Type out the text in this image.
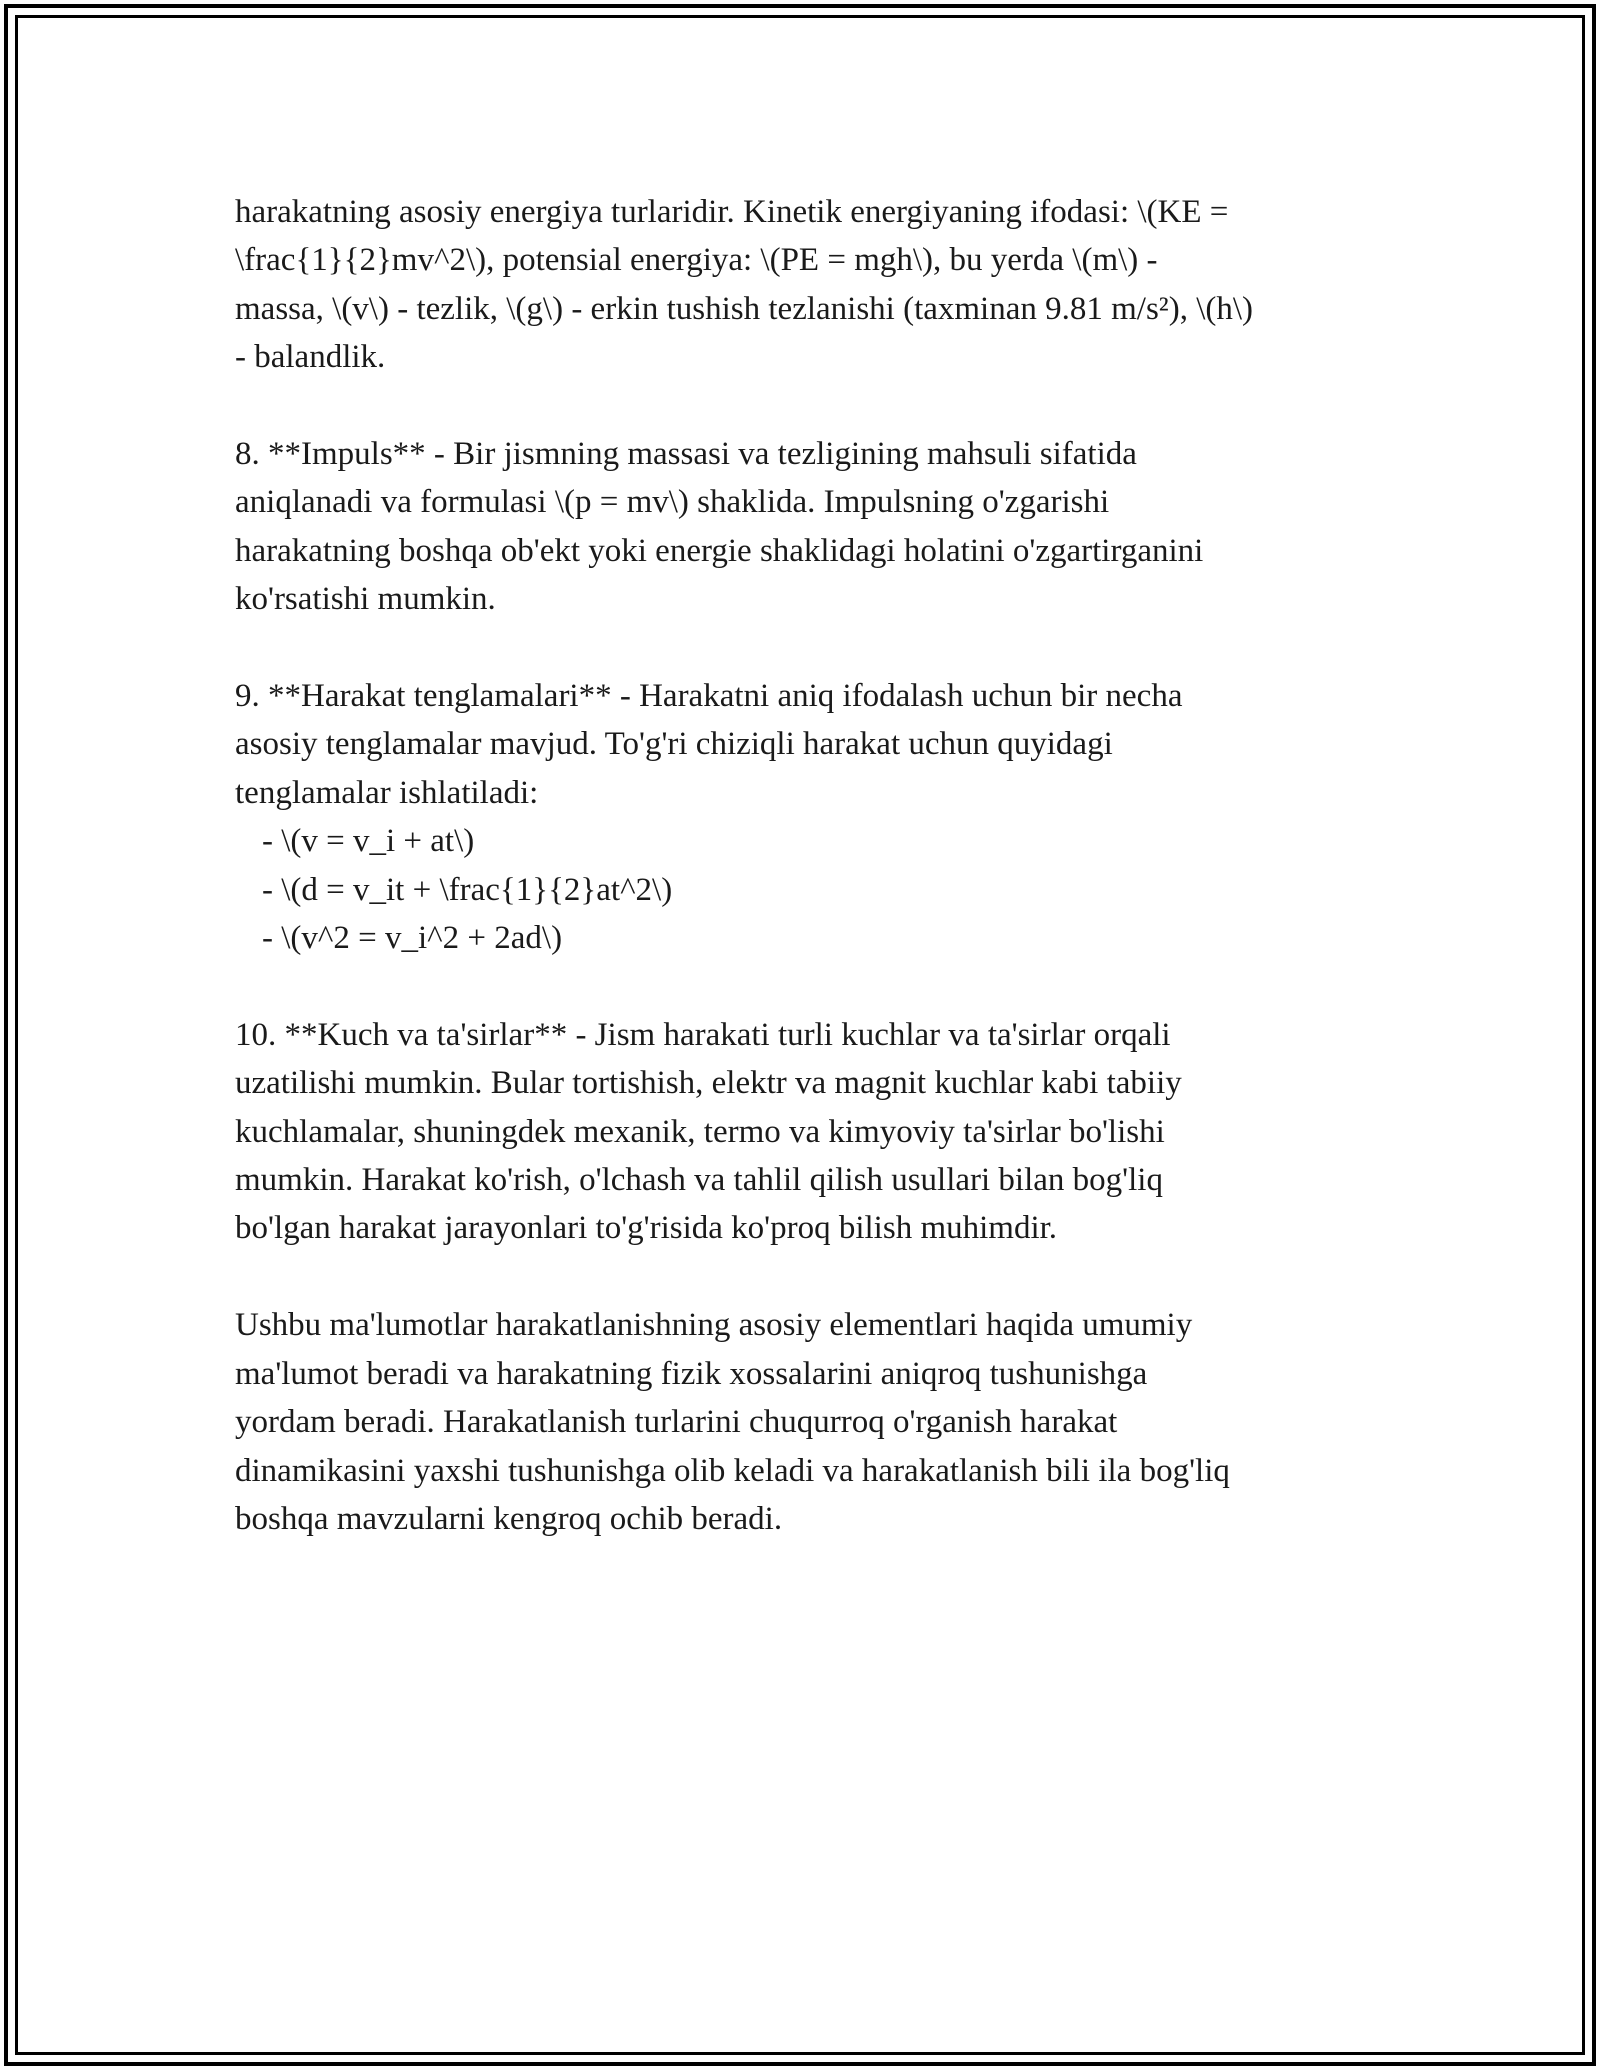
harakatning asosiy energiya turlaridir. Kinetik energiyaning ifodasi: \(KE =
\frac{1}{2}mv^2\), potensial energiya: \(PE = mgh\), bu yerda \(m\) -
massa, \(v\) - tezlik, \(g\) - erkin tushish tezlanishi (taxminan 9.81 m/s²), \(h\)
- balandlik.

8. **Impuls** - Bir jismning massasi va tezligining mahsuli sifatida
aniqlanadi va formulasi \(p = mv\) shaklida. Impulsning o'zgarishi
harakatning boshqa ob'ekt yoki energie shaklidagi holatini o'zgartirganini
ko'rsatishi mumkin.

9. **Harakat tenglamalari** - Harakatni aniq ifodalash uchun bir necha
asosiy tenglamalar mavjud. To'g'ri chiziqli harakat uchun quyidagi
tenglamalar ishlatiladi:
- \(v = v_i + at\)
- \(d = v_it + \frac{1}{2}at^2\)
- \(v^2 = v_i^2 + 2ad\)

10. **Kuch va ta'sirlar** - Jism harakati turli kuchlar va ta'sirlar orqali
uzatilishi mumkin. Bular tortishish, elektr va magnit kuchlar kabi tabiiy
kuchlamalar, shuningdek mexanik, termo va kimyoviy ta'sirlar bo'lishi
mumkin. Harakat ko'rish, o'lchash va tahlil qilish usullari bilan bog'liq
bo'lgan harakat jarayonlari to'g'risida ko'proq bilish muhimdir.

Ushbu ma'lumotlar harakatlanishning asosiy elementlari haqida umumiy
ma'lumot beradi va harakatning fizik xossalarini aniqroq tushunishga
yordam beradi. Harakatlanish turlarini chuqurroq o'rganish harakat
dinamikasini yaxshi tushunishga olib keladi va harakatlanish bili ila bog'liq
boshqa mavzularni kengroq ochib beradi.
